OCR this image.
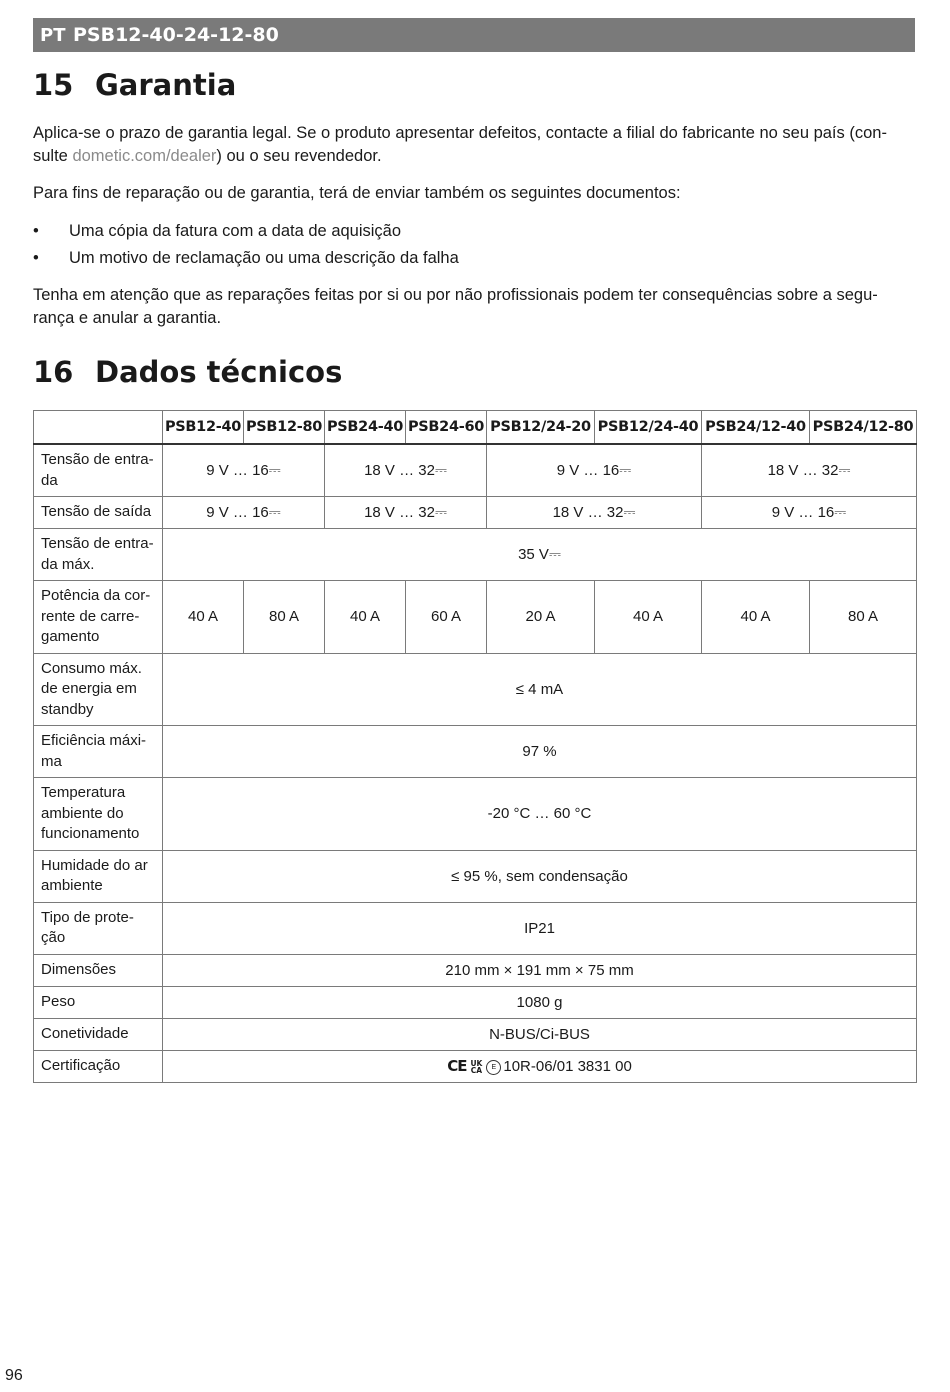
PT PSB12-40-24-12-80
15 Garantia

Aplica-se o prazo de garantia legal. Se o produto apresentar defeitos, contacte a filial do fabricante no seu país (con-
sulte dometic.com/dealer) ou o seu revendedor.

Para fins de reparação ou de garantia, terá de enviar também os seguintes documentos:

• Uma cópia da fatura com a data de aquisição
• Um motivo de reclamação ou uma descrição da falha

Tenha em atenção que as reparações feitas por si ou por não profissionais podem ter consequências sobre a segu-
rança e anular a garantia.

16 Dados técnicos
	PSB12-40	PSB12-80	PSB24-40	PSB24-60	PSB12/24-20	PSB12/24-40	PSB24/12-40	PSB24/12-80
Tensão de entra-
da	9 V … 16⎓		18 V … 32⎓		9 V … 16⎓		18 V … 32⎓	
Tensão de saída	9 V … 16⎓		18 V … 32⎓		18 V … 32⎓		9 V … 16⎓	
Tensão de entra-
da máx.	35 V⎓							
Potência da cor-
rente de carre-
gamento	40 A	80 A	40 A	60 A	20 A	40 A	40 A	80 A
Consumo máx.
de energia em
standby	≤ 4 mA							
Eficiência máxi-
ma	97 %							
Temperatura
ambiente do
funcionamento	-20 °C … 60 °C							
Humidade do ar
ambiente	≤ 95 %, sem condensação							
Tipo de prote-
ção	IP21							
Dimensões	210 mm × 191 mm × 75 mm							
Peso	1080 g							
Conetividade	N-BUS/Ci-BUS							
Certificação	CE UK
CA E 10R-06/01 3831 00							
96
